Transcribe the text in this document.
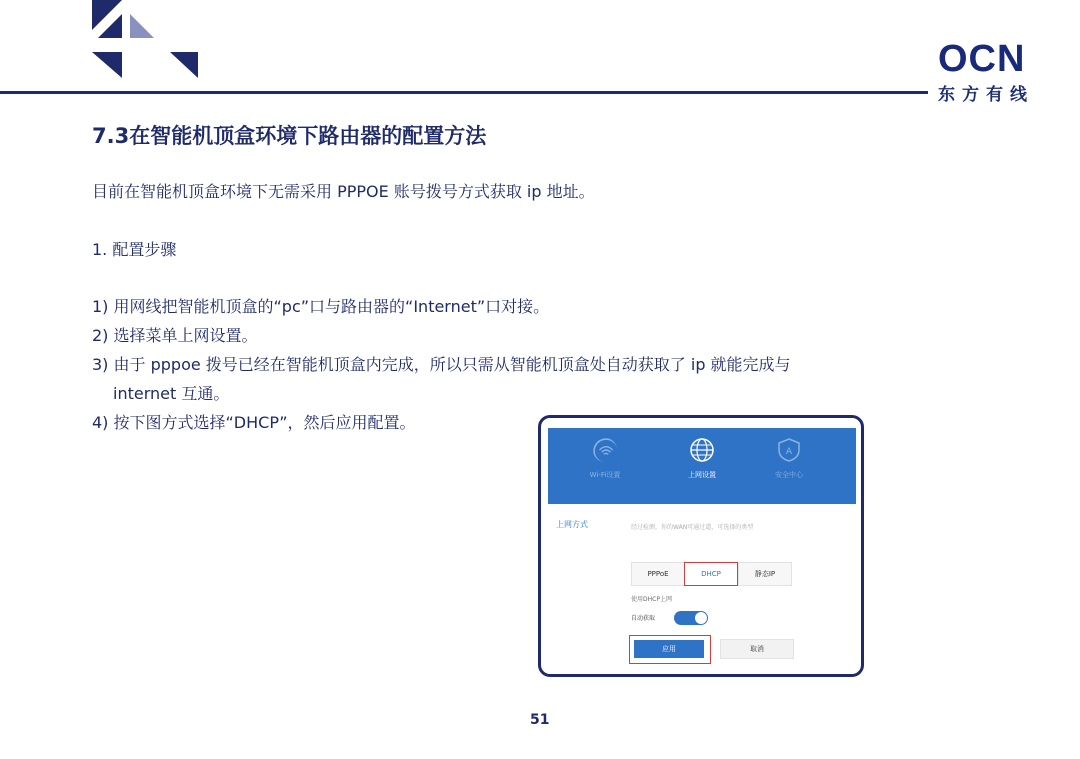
OCN
东方有线
7.3在智能机顶盒环境下路由器的配置方法
目前在智能机顶盒环境下无需采用 PPPOE 账号拨号方式获取 ip 地址。
1. 配置步骤
1) 用网线把智能机顶盒的“pc”口与路由器的“Internet”口对接。
2) 选择菜单上网设置。
3) 由于 pppoe 拨号已经在智能机顶盒内完成，所以只需从智能机顶盒处自动获取了 ip 就能完成与
internet 互通。
4) 按下图方式选择“DHCP”，然后应用配置。
Wi-Fi设置	上网设置
A
安全中心
上网方式	经过检测，你的WAN可通过道，可选择的类型
PPPoE	DHCP	静态IP
使用DHCP上网
自动获取
应用	取消
51
